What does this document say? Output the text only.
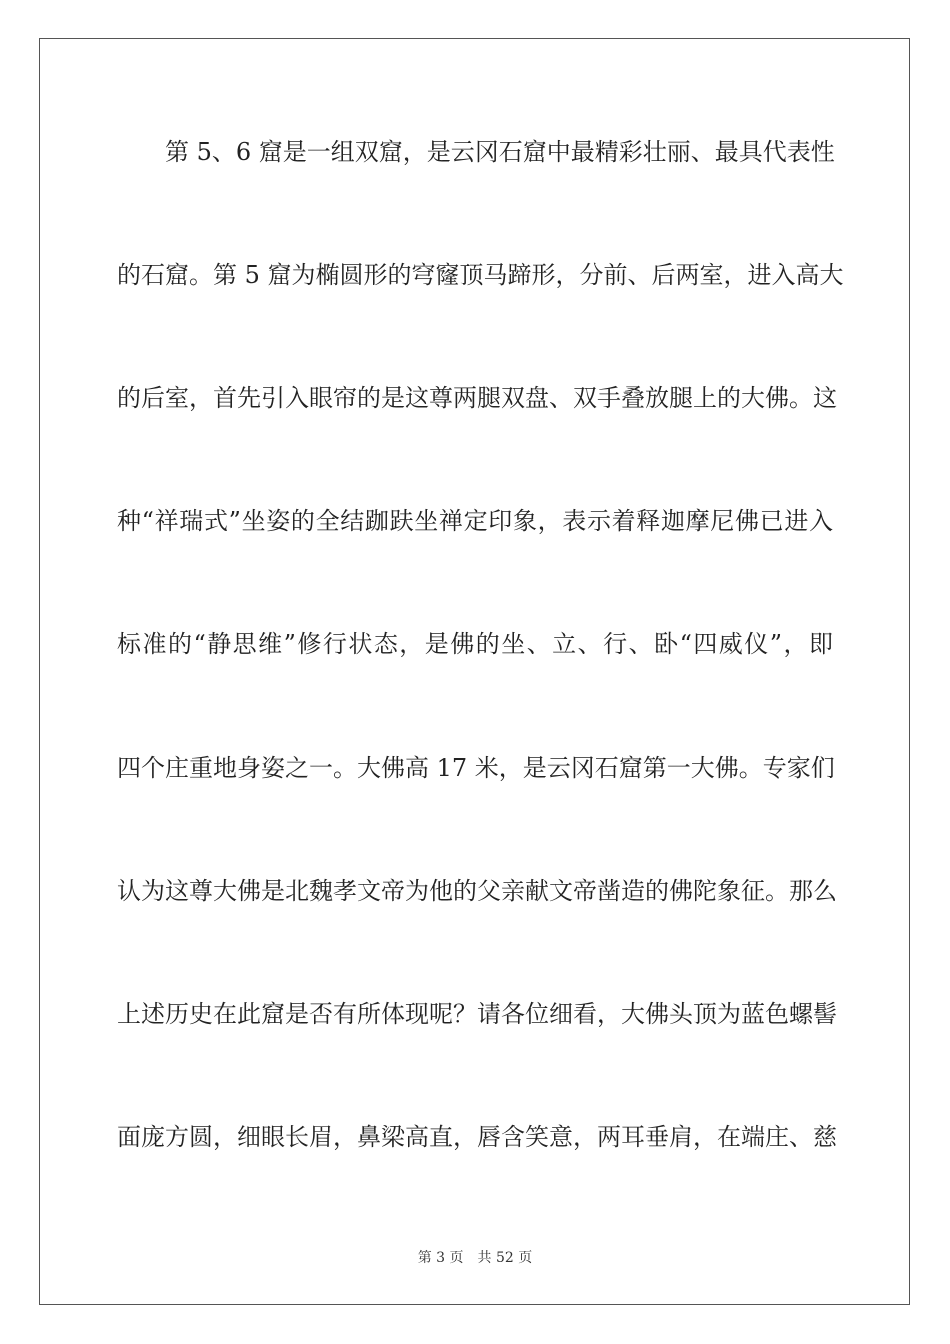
第 5、6 窟是一组双窟，是云冈石窟中最精彩壮丽、最具代表性
的石窟。第 5 窟为椭圆形的穹窿顶马蹄形，分前、后两室，进入高大
的后室，首先引入眼帘的是这尊两腿双盘、双手叠放腿上的大佛。这
种“祥瑞式”坐姿的全结跏趺坐禅定印象，表示着释迦摩尼佛已进入
标准的“静思维”修行状态，是佛的坐、立、行、卧“四威仪”，即
四个庄重地身姿之一。大佛高 17 米，是云冈石窟第一大佛。专家们
认为这尊大佛是北魏孝文帝为他的父亲献文帝凿造的佛陀象征。那么
上述历史在此窟是否有所体现呢？请各位细看，大佛头顶为蓝色螺髻
面庞方圆，细眼长眉，鼻梁高直，唇含笑意，两耳垂肩，在端庄、慈
第 3 页 共 52 页
